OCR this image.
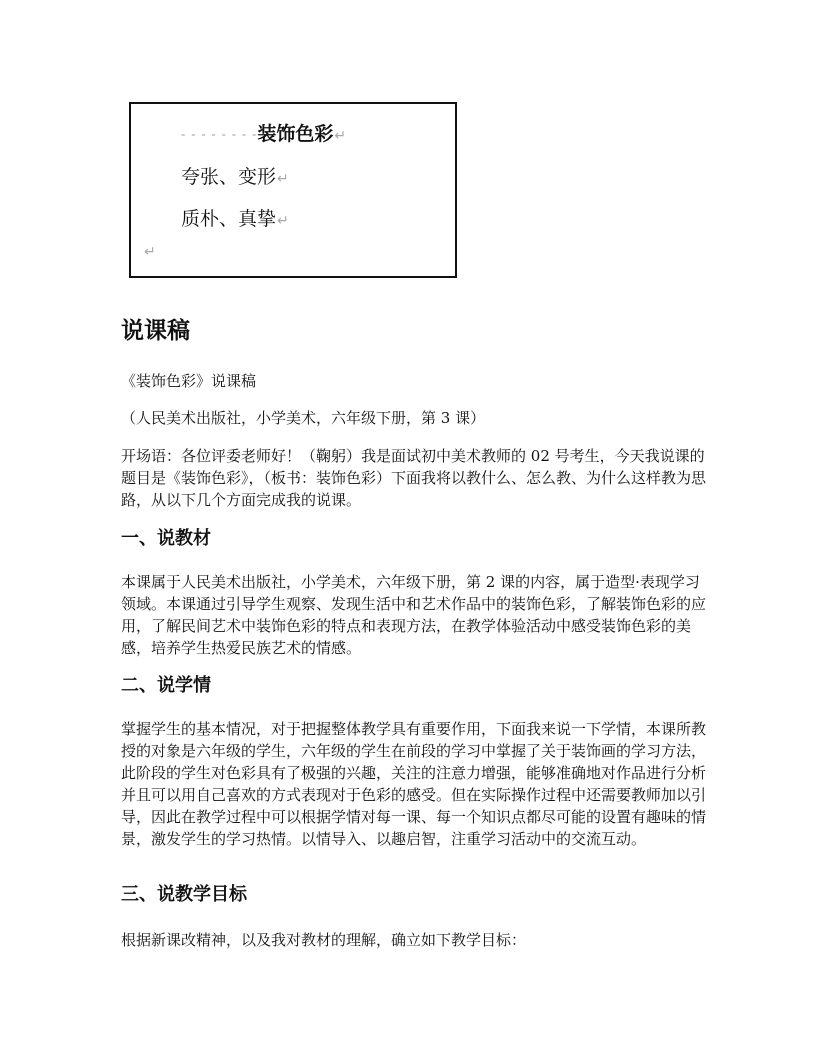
- - - - - - - -装饰色彩↵
夸张、变形↵
质朴、真挚↵
↵
说课稿

《装饰色彩》说课稿

（人民美术出版社，小学美术，六年级下册，第 3 课）

开场语：各位评委老师好！（鞠躬）我是面试初中美术教师的 02 号考生，今天我说课的题目是《装饰色彩》，（板书：装饰色彩）下面我将以教什么、怎么教、为什么这样教为思路，从以下几个方面完成我的说课。

一、说教材

本课属于人民美术出版社，小学美术，六年级下册，第 2 课的内容，属于造型·表现学习领域。本课通过引导学生观察、发现生活中和艺术作品中的装饰色彩，了解装饰色彩的应用，了解民间艺术中装饰色彩的特点和表现方法，在教学体验活动中感受装饰色彩的美感，培养学生热爱民族艺术的情感。

二、说学情

掌握学生的基本情况，对于把握整体教学具有重要作用，下面我来说一下学情，本课所教授的对象是六年级的学生，六年级的学生在前段的学习中掌握了关于装饰画的学习方法，此阶段的学生对色彩具有了极强的兴趣，关注的注意力增强，能够准确地对作品进行分析并且可以用自己喜欢的方式表现对于色彩的感受。但在实际操作过程中还需要教师加以引导，因此在教学过程中可以根据学情对每一课、每一个知识点都尽可能的设置有趣味的情景，激发学生的学习热情。以情导入、以趣启智，注重学习活动中的交流互动。

三、说教学目标

根据新课改精神，以及我对教材的理解，确立如下教学目标：
